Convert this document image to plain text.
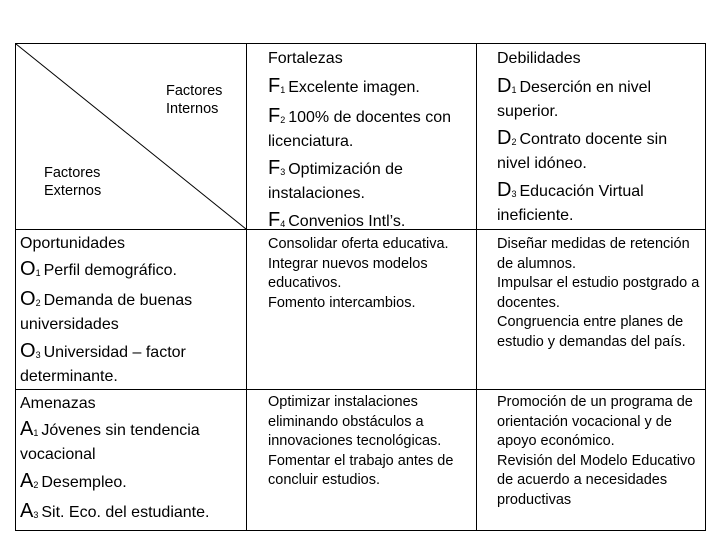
Factores Internos
Factores Externos

Fortalezas

$F_1$ Excelente imagen.

$F_2$ 100% de docentes con licenciatura.

$F_3$ Optimización de instalaciones.

$F_4$ Convenios Intl’s.

Debilidades

$D_1$ Deserción en nivel superior.

$D_2$ Contrato docente sin nivel idóneo.

$D_3$ Educación Virtual ineficiente.

Oportunidades

$O_1$ Perfil demográfico.

$O_2$ Demanda de buenas universidades

$O_3$ Universidad – factor determinante.

Consolidar oferta educativa.

Integrar nuevos modelos educativos.

Fomento intercambios.

Diseñar medidas de retención de alumnos.

Impulsar el estudio postgrado a docentes.

Congruencia entre planes de estudio y demandas del país.

Amenazas

$A_1$ Jóvenes sin tendencia vocacional

$A_2$ Desempleo.

$A_3$ Sit. Eco. del estudiante.

Optimizar instalaciones eliminando obstáculos a innovaciones tecnológicas.

Fomentar el trabajo antes de concluir estudios.

Promoción de un programa de orientación vocacional y de apoyo económico.

Revisión del Modelo Educativo de acuerdo a necesidades productivas
